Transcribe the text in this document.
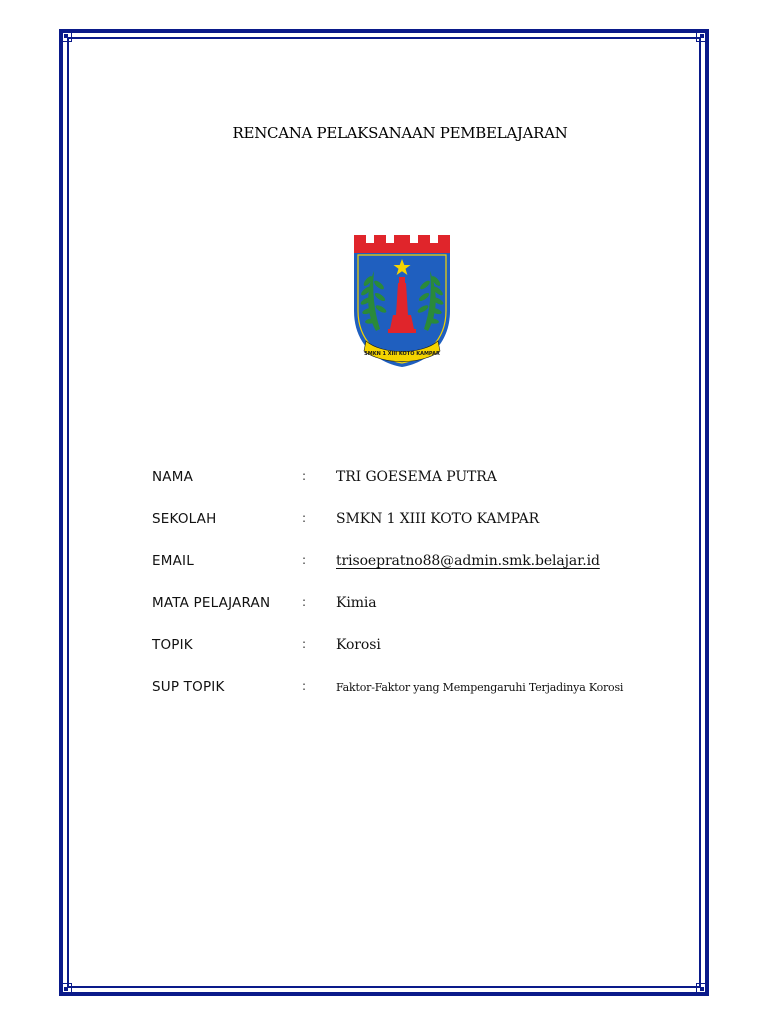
RENCANA PELAKSANAAN PEMBELAJARAN
SMKN 1 XIII KOTO KAMPAR
NAMA	: TRI GOESEMA PUTRA
SEKOLAH	: SMKN 1 XIII KOTO KAMPAR
EMAIL	: trisoepratno88@admin.smk.belajar.id
MATA PELAJARAN	: Kimia
TOPIK	: Korosi
SUP TOPIK	:	Faktor-Faktor yang Mempengaruhi Terjadinya Korosi
